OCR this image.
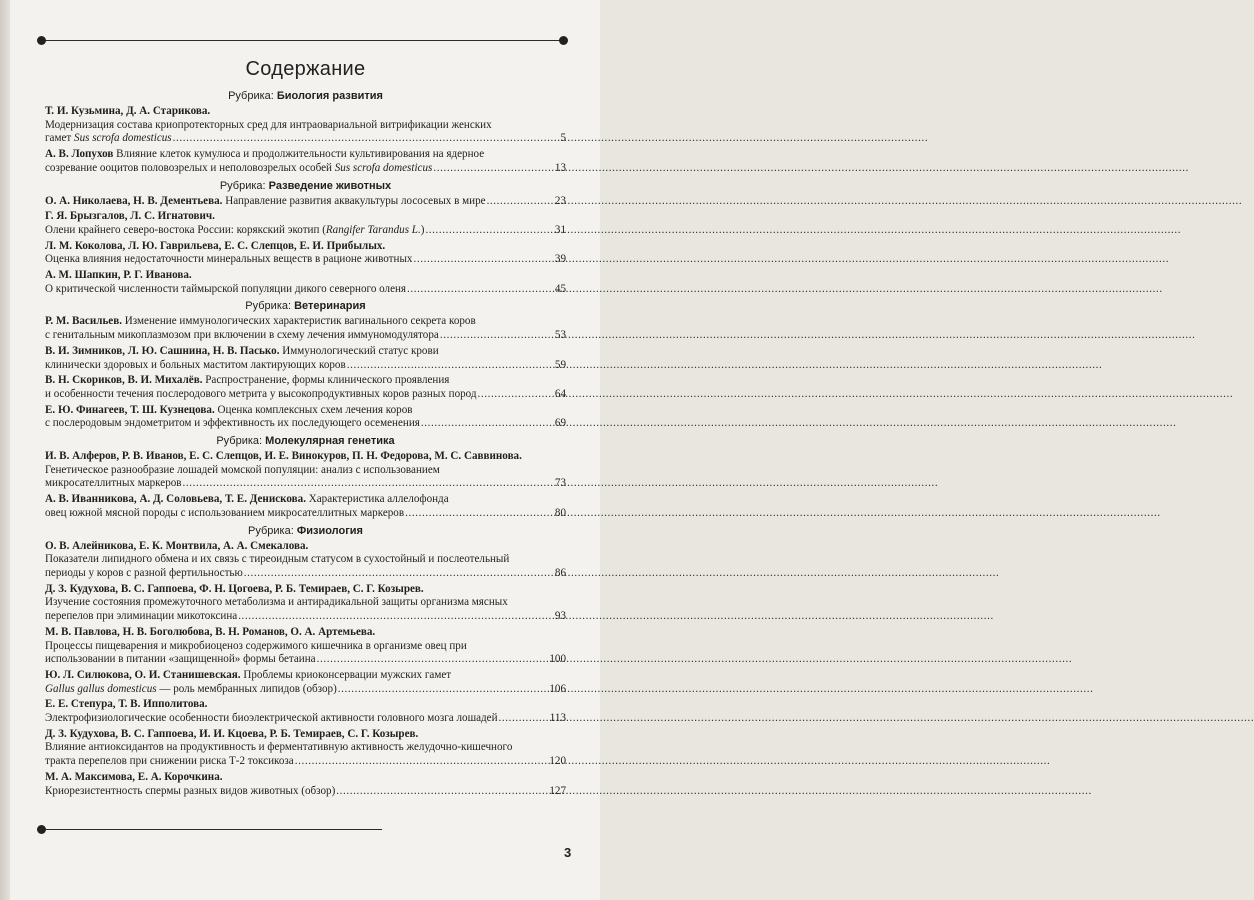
Содержание
Рубрика: Биология развития
Т. И. Кузьмина, Д. А. Старикова.
Модернизация состава криопротекторных сред для интраовариальной витрификации женских
гамет Sus scrofa domesticus .....	5
А. В. Лопухов Влияние клеток кумулюса и продолжительности культивирования на ядерное
созревание ооцитов половозрелых и неполовозрелых особей Sus scrofa domesticus .....	13
Рубрика: Разведение животных
О. А. Николаева, Н. В. Дементьева. Направление развития аквакультуры лососевых в мире .....	23
Г. Я. Брызгалов, Л. С. Игнатович.
Олени крайнего северо-востока России: корякский экотип (Rangifer Tarandus L.) .....	31
Л. М. Коколова, Л. Ю. Гаврильева, Е. С. Слепцов, Е. И. Прибылых.
Оценка влияния недостаточности минеральных веществ в рационе животных .....	39
А. М. Шапкин, Р. Г. Иванова.
О критической численности таймырской популяции дикого северного оленя .....	45
Рубрика: Ветеринария
Р. М. Васильев. Изменение иммунологических характеристик вагинального секрета коров
с генитальным микоплазмозом при включении в схему лечения иммуномодулятора .....	53
В. И. Зимников, Л. Ю. Сашнина, Н. В. Пасько. Иммунологический статус крови
клинически здоровых и больных маститом лактирующих коров .....	59
В. Н. Скориков, В. И. Михалёв. Распространение, формы клинического проявления
и особенности течения послеродового метрита у высокопродуктивных коров разных пород .....	64
Е. Ю. Финагеев, Т. Ш. Кузнецова. Оценка комплексных схем лечения коров
с послеродовым эндометритом и эффективность их последующего осеменения .....	69
Рубрика: Молекулярная генетика
И. В. Алферов, Р. В. Иванов, Е. С. Слепцов, И. Е. Винокуров, П. Н. Федорова, М. С. Саввинова.
Генетическое разнообразие лошадей момской популяции: анализ с использованием
микросателлитных маркеров .....	73
А. В. Иванникова, А. Д. Соловьева, Т. Е. Денискова. Характеристика аллелофонда
овец южной мясной породы с использованием микросателлитных маркеров .....	80
Рубрика: Физиология
О. В. Алейникова, Е. К. Монтвила, А. А. Смекалова.
Показатели липидного обмена и их связь с тиреоидным статусом в сухостойный и послеотельный
периоды у коров с разной фертильностью .....	86
Д. З. Кудухова, В. С. Гаппоева, Ф. Н. Цогоева, Р. Б. Темираев, С. Г. Козырев.
Изучение состояния промежуточного метаболизма и антирадикальной защиты организма мясных
перепелов при элиминации микотоксина .....	93
М. В. Павлова, Н. В. Боголюбова, В. Н. Романов, О. А. Артемьева.
Процессы пищеварения и микробиоценоз содержимого кишечника в организме овец при
использовании в питании «защищенной» формы бетаина .....	100
Ю. Л. Силюкова, О. И. Станишевская. Проблемы криоконсервации мужских гамет
Gallus gallus domesticus — роль мембранных липидов (обзор) .....	106
Е. Е. Степура, Т. В. Ипполитова.
Электрофизиологические особенности биоэлектрической активности головного мозга лошадей .....	113
Д. З. Кудухова, В. С. Гаппоева, И. И. Кцоева, Р. Б. Темираев, С. Г. Козырев.
Влияние антиоксидантов на продуктивность и ферментативную активность желудочно-кишечного
тракта перепелов при снижении риска Т-2 токсикоза .....	120
М. А. Максимова, Е. А. Корочкина.
Криорезистентность спермы разных видов животных (обзор) .....	127
3
